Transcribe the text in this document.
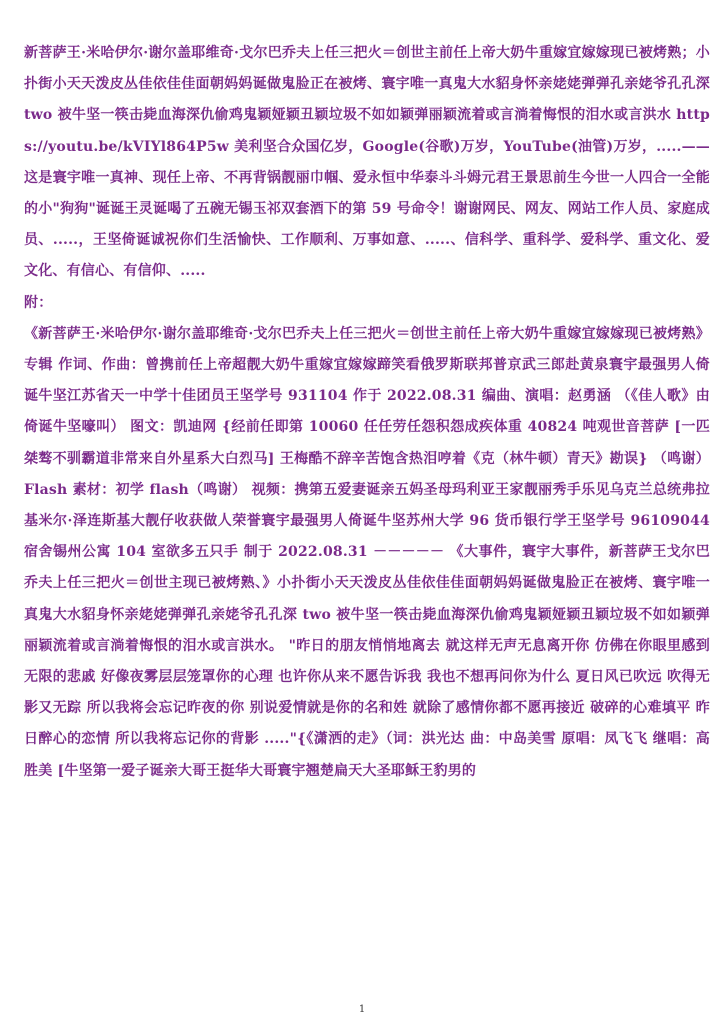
新菩萨王·米哈伊尔·谢尔盖耶维奇·戈尔巴乔夫上任三把火＝创世主前任上帝大奶牛重嫁宜嫁嫁现已被烤熟；小扑街小天天泼皮丛佳依佳佳面朝妈妈诞做鬼脸正在被烤、寰宇唯一真鬼大水貂身怀亲姥姥弹弹孔亲姥爷孔孔深 two 被牛坚一筷击毙血海深仇偷鸡鬼颖娅颖丑颖垃圾不如如颖弹丽颖流着或言淌着悔恨的泪水或言洪水 https://youtu.be/kVIYl864P5w 美利坚合众国亿岁，Google(谷歌)万岁，YouTube(油管)万岁，.....——这是寰宇唯一真神、现任上帝、不再背锅靓丽巾帼、爱永恒中华泰斗斗姆元君王景思前生今世一人四合一全能的小"狗狗"诞诞王灵诞喝了五碗无锡玉祁双套酒下的第 59 号命令！谢谢网民、网友、网站工作人员、家庭成员、.....，王坚倚诞诚祝你们生活愉快、工作顺利、万事如意、.....、信科学、重科学、爱科学、重文化、爱文化、有信心、有信仰、.....

附：

《新菩萨王·米哈伊尔·谢尔盖耶维奇·戈尔巴乔夫上任三把火＝创世主前任上帝大奶牛重嫁宜嫁嫁现已被烤熟》专辑 作词、作曲：曾携前任上帝超靓大奶牛重嫁宜嫁嫁蹄笑看俄罗斯联邦普京武三郎赴黄泉寰宇最强男人倚诞牛坚江苏省天一中学十佳团员王坚学号 931104 作于 2022.08.31 编曲、演唱：赵勇涵 （《佳人歌》由倚诞牛坚嚎叫） 图文：凯迪网 {经前任即第 10060 任任劳任怨积怨成疾体重 40824 吨观世音菩萨 [一匹桀骜不驯霸道非常来自外星系大白烈马] 王梅酷不辞辛苦饱含热泪哼着《克（林牛顿）青天》勘误} （鸣谢） Flash 素材：初学 flash（鸣谢） 视频：携第五爱妻诞亲五妈圣母玛利亚王家靓丽秀手乐见乌克兰总统弗拉基米尔·泽连斯基大靓仔收获做人荣誉寰宇最强男人倚诞牛坚苏州大学 96 货币银行学王坚学号 96109044 宿舍锡州公寓 104 室欲多五只手 制于 2022.08.31 －－－－－ 《大事件，寰宇大事件，新菩萨王戈尔巴乔夫上任三把火＝创世主现已被烤熟、》小扑街小天天泼皮丛佳依佳佳面朝妈妈诞做鬼脸正在被烤、寰宇唯一真鬼大水貂身怀亲姥姥弹弹孔亲姥爷孔孔深 two 被牛坚一筷击毙血海深仇偷鸡鬼颖娅颖丑颖垃圾不如如颖弹丽颖流着或言淌着悔恨的泪水或言洪水。 "昨日的朋友悄悄地离去 就这样无声无息离开你 仿佛在你眼里感到无限的悲戚 好像夜雾层层笼罩你的心理 也许你从来不愿告诉我 我也不想再问你为什么 夏日风已吹远 吹得无影又无踪 所以我将会忘记昨夜的你 别说爱情就是你的名和姓 就除了感情你都不愿再接近 破碎的心难填平 昨日醉心的恋情 所以我将忘记你的背影 ....."{《潇洒的走》（词：洪光达 曲：中岛美雪 原唱：凤飞飞 继唱：高胜美 [牛坚第一爱子诞亲大哥王挺华大哥寰宇翘楚扁天大圣耶稣王豹男的

1
